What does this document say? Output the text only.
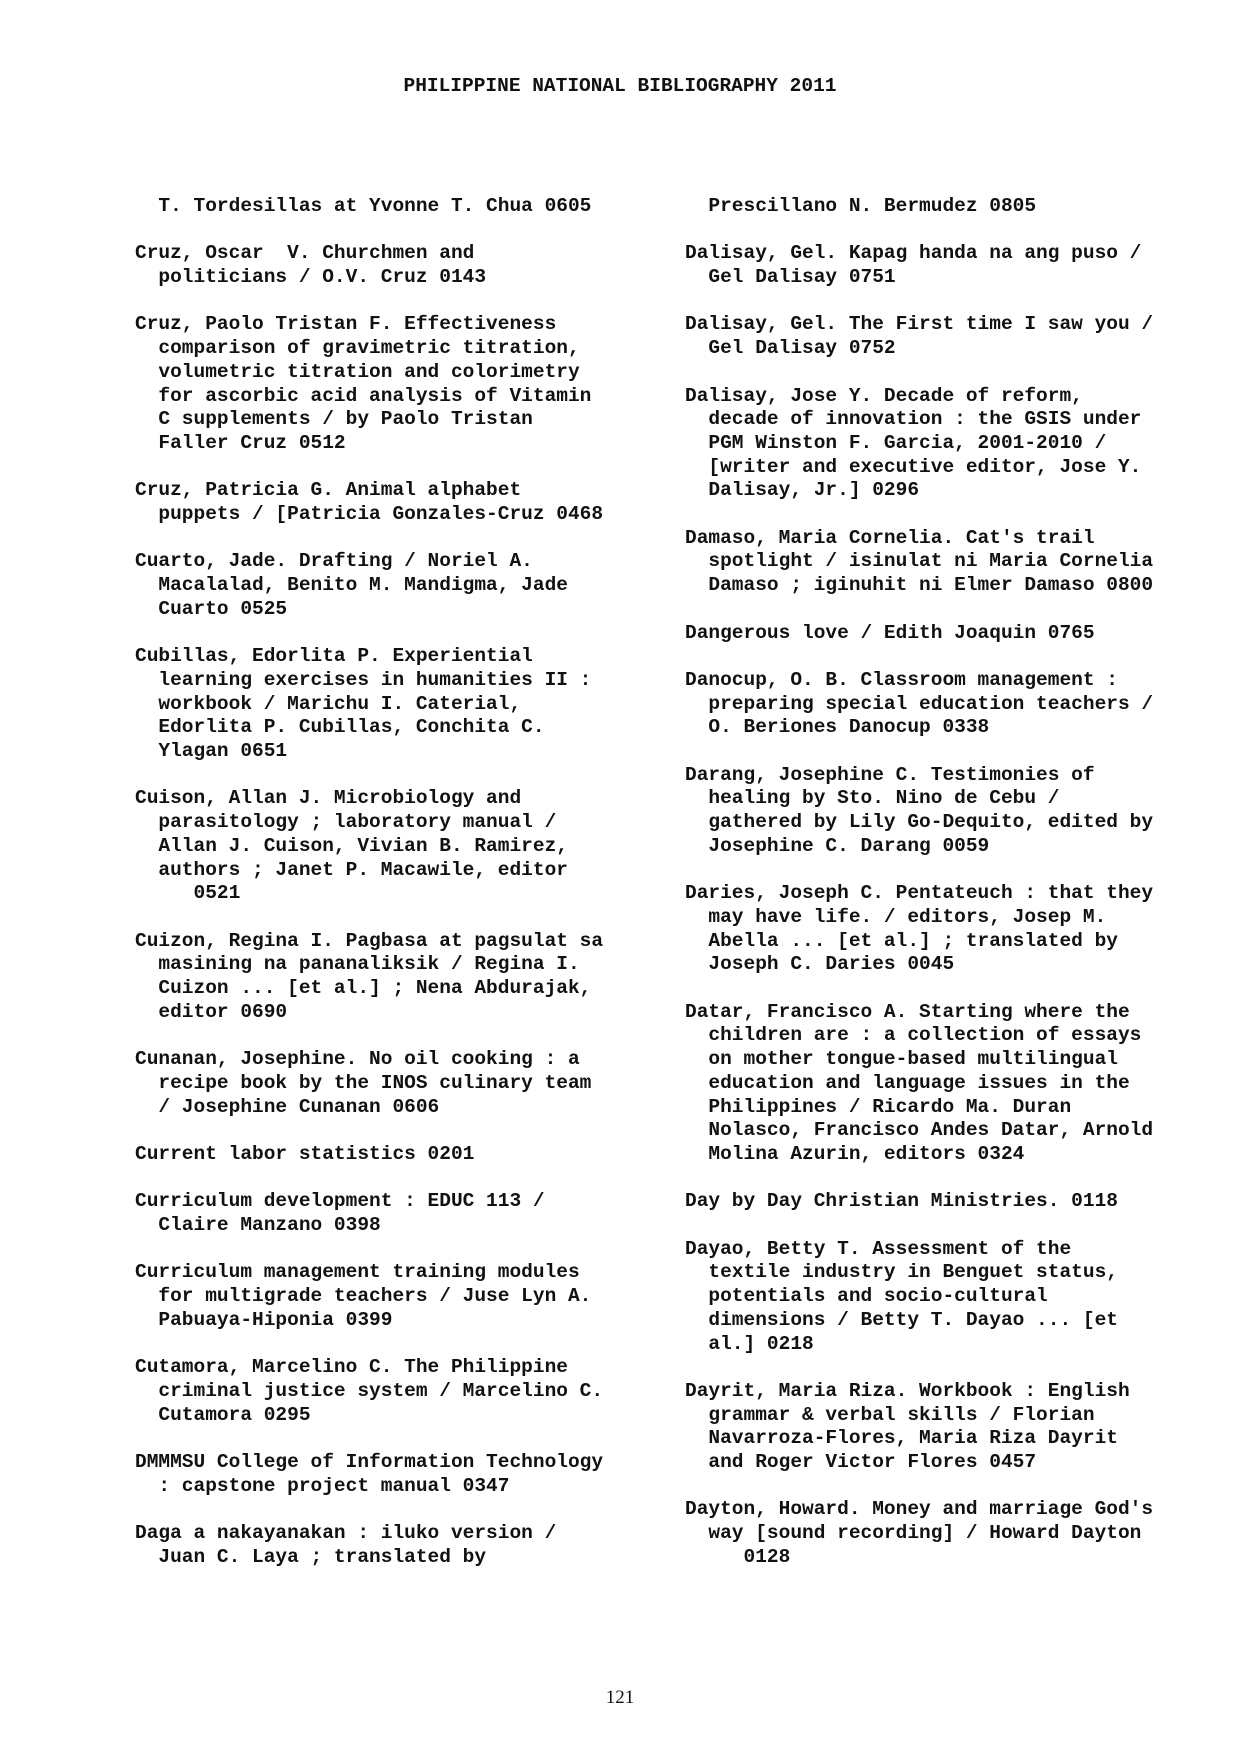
PHILIPPINE NATIONAL BIBLIOGRAPHY 2011

T. Tordesillas at Yvonne T. Chua 0605

Cruz, Oscar  V. Churchmen and
politicians / O.V. Cruz 0143

Cruz, Paolo Tristan F. Effectiveness
comparison of gravimetric titration,
volumetric titration and colorimetry
for ascorbic acid analysis of Vitamin
C supplements / by Paolo Tristan
Faller Cruz 0512

Cruz, Patricia G. Animal alphabet
puppets / [Patricia Gonzales-Cruz 0468

Cuarto, Jade. Drafting / Noriel A.
Macalalad, Benito M. Mandigma, Jade
Cuarto 0525

Cubillas, Edorlita P. Experiential
learning exercises in humanities II :
workbook / Marichu I. Caterial,
Edorlita P. Cubillas, Conchita C.
Ylagan 0651

Cuison, Allan J. Microbiology and
parasitology ; laboratory manual /
Allan J. Cuison, Vivian B. Ramirez,
authors ; Janet P. Macawile, editor
0521

Cuizon, Regina I. Pagbasa at pagsulat sa
masining na pananaliksik / Regina I.
Cuizon ... [et al.] ; Nena Abdurajak,
editor 0690

Cunanan, Josephine. No oil cooking : a
recipe book by the INOS culinary team
/ Josephine Cunanan 0606

Current labor statistics 0201

Curriculum development : EDUC 113 /
Claire Manzano 0398

Curriculum management training modules
for multigrade teachers / Juse Lyn A.
Pabuaya-Hiponia 0399

Cutamora, Marcelino C. The Philippine
criminal justice system / Marcelino C.
Cutamora 0295

DMMMSU College of Information Technology
: capstone project manual 0347

Daga a nakayanakan : iluko version /
Juan C. Laya ; translated by

Prescillano N. Bermudez 0805

Dalisay, Gel. Kapag handa na ang puso /
Gel Dalisay 0751

Dalisay, Gel. The First time I saw you /
Gel Dalisay 0752

Dalisay, Jose Y. Decade of reform,
decade of innovation : the GSIS under
PGM Winston F. Garcia, 2001-2010 /
[writer and executive editor, Jose Y.
Dalisay, Jr.] 0296

Damaso, Maria Cornelia. Cat's trail
spotlight / isinulat ni Maria Cornelia
Damaso ; iginuhit ni Elmer Damaso 0800

Dangerous love / Edith Joaquin 0765

Danocup, O. B. Classroom management :
preparing special education teachers /
O. Beriones Danocup 0338

Darang, Josephine C. Testimonies of
healing by Sto. Nino de Cebu /
gathered by Lily Go-Dequito, edited by
Josephine C. Darang 0059

Daries, Joseph C. Pentateuch : that they
may have life. / editors, Josep M.
Abella ... [et al.] ; translated by
Joseph C. Daries 0045

Datar, Francisco A. Starting where the
children are : a collection of essays
on mother tongue-based multilingual
education and language issues in the
Philippines / Ricardo Ma. Duran
Nolasco, Francisco Andes Datar, Arnold
Molina Azurin, editors 0324

Day by Day Christian Ministries. 0118

Dayao, Betty T. Assessment of the
textile industry in Benguet status,
potentials and socio-cultural
dimensions / Betty T. Dayao ... [et
al.] 0218

Dayrit, Maria Riza. Workbook : English
grammar & verbal skills / Florian
Navarroza-Flores, Maria Riza Dayrit
and Roger Victor Flores 0457

Dayton, Howard. Money and marriage God's
way [sound recording] / Howard Dayton
0128

121
